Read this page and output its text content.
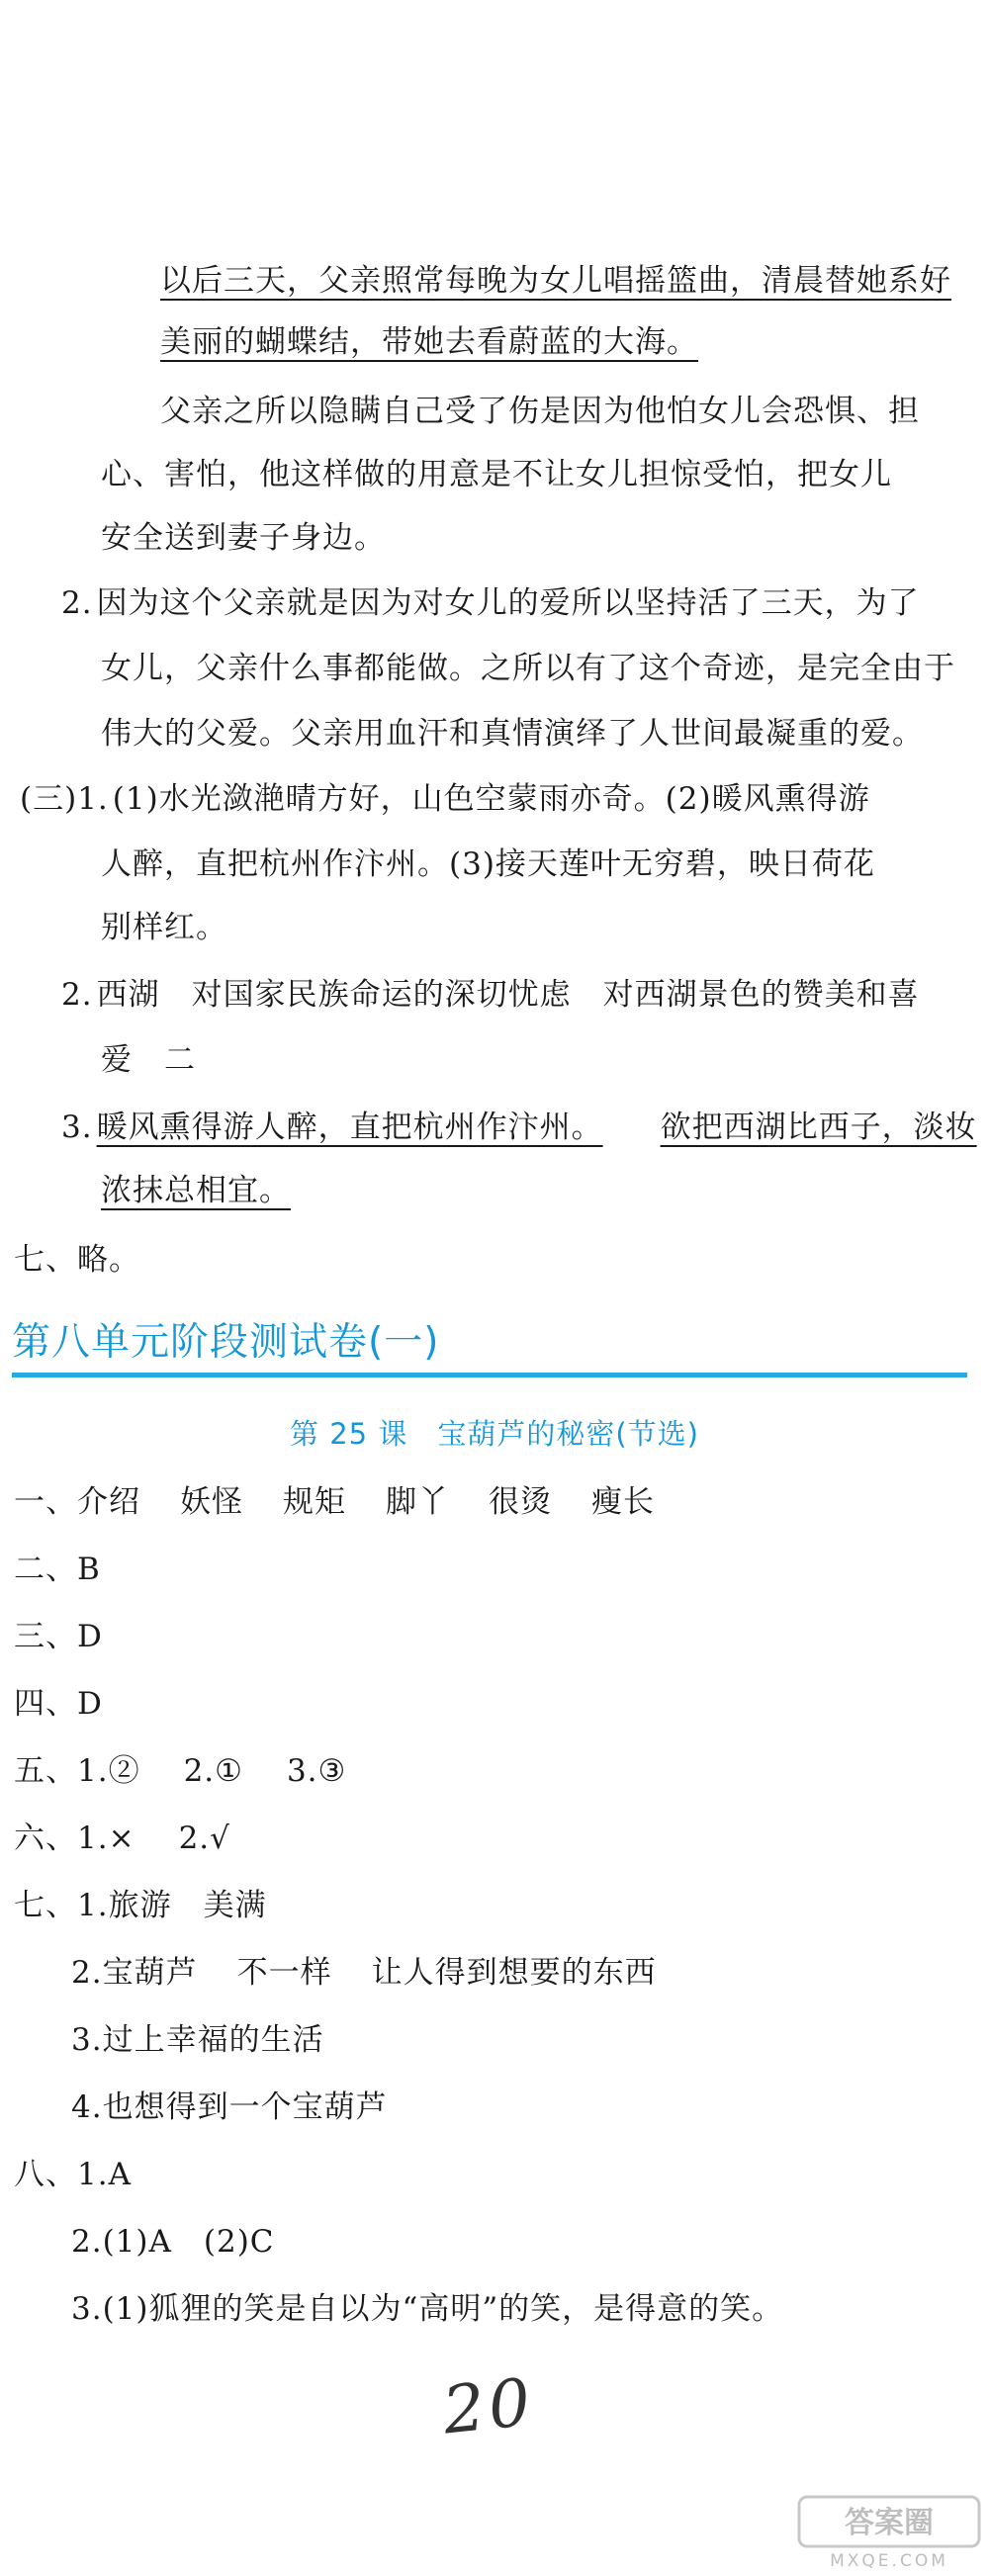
以后三天，父亲照常每晚为女儿唱摇篮曲，清晨替她系好
美丽的蝴蝶结，带她去看蔚蓝的大海。
父亲之所以隐瞒自己受了伤是因为他怕女儿会恐惧、担
心、害怕，他这样做的用意是不让女儿担惊受怕，把女儿
安全送到妻子身边。
2. 因为这个父亲就是因为对女儿的爱所以坚持活了三天，为了
女儿，父亲什么事都能做。之所以有了这个奇迹，是完全由于
伟大的父爱。父亲用血汗和真情演绎了人世间最凝重的爱。
(三)1. (1)水光潋滟晴方好，山色空蒙雨亦奇。(2)暖风熏得游
人醉，直把杭州作汴州。(3)接天莲叶无穷碧，映日荷花
别样红。
2. 西湖 对国家民族命运的深切忧虑 对西湖景色的赞美和喜
爱 二
3. 暖风熏得游人醉，直把杭州作汴州。 欲把西湖比西子，淡妆
浓抹总相宜。
七、略。
第八单元阶段测试卷(一)
第 25 课　宝葫芦的秘密(节选)
一、介绍 妖怪 规矩 脚丫 很烫 瘦长
二、B
三、D
四、D
五、1.② 2.① 3.③
六、1.× 2.√
七、1.旅游 美满
2.宝葫芦 不一样 让人得到想要的东西
3.过上幸福的生活
4.也想得到一个宝葫芦
八、1.A
2.(1)A (2)C
3.(1)狐狸的笑是自以为“高明”的笑，是得意的笑。
20
答案圈
MXQE.COM
